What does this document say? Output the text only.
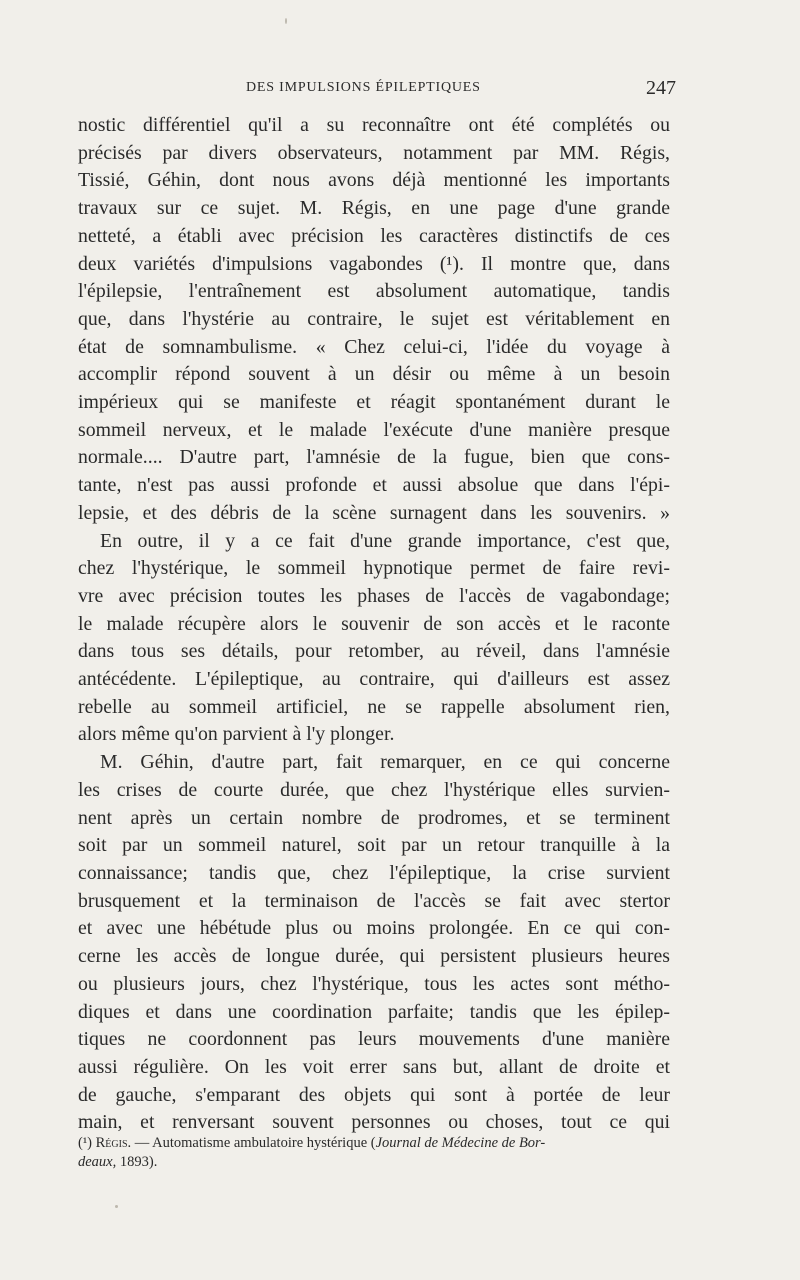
DES IMPULSIONS ÉPILEPTIQUES	247
nostic différentiel qu'il a su reconnaître ont été complétés ou
précisés par divers observateurs, notamment par MM. Régis,
Tissié, Géhin, dont nous avons déjà mentionné les importants
travaux sur ce sujet. M. Régis, en une page d'une grande
netteté, a établi avec précision les caractères distinctifs de ces
deux variétés d'impulsions vagabondes (¹). Il montre que, dans
l'épilepsie, l'entraînement est absolument automatique, tandis
que, dans l'hystérie au contraire, le sujet est véritablement en
état de somnambulisme. « Chez celui-ci, l'idée du voyage à
accomplir répond souvent à un désir ou même à un besoin
impérieux qui se manifeste et réagit spontanément durant le
sommeil nerveux, et le malade l'exécute d'une manière presque
normale.... D'autre part, l'amnésie de la fugue, bien que cons-
tante, n'est pas aussi profonde et aussi absolue que dans l'épi-
lepsie, et des débris de la scène surnagent dans les souvenirs. »
En outre, il y a ce fait d'une grande importance, c'est que,
chez l'hystérique, le sommeil hypnotique permet de faire revi-
vre avec précision toutes les phases de l'accès de vagabondage;
le malade récupère alors le souvenir de son accès et le raconte
dans tous ses détails, pour retomber, au réveil, dans l'amnésie
antécédente. L'épileptique, au contraire, qui d'ailleurs est assez
rebelle au sommeil artificiel, ne se rappelle absolument rien,
alors même qu'on parvient à l'y plonger.
M. Géhin, d'autre part, fait remarquer, en ce qui concerne
les crises de courte durée, que chez l'hystérique elles survien-
nent après un certain nombre de prodromes, et se terminent
soit par un sommeil naturel, soit par un retour tranquille à la
connaissance; tandis que, chez l'épileptique, la crise survient
brusquement et la terminaison de l'accès se fait avec stertor
et avec une hébétude plus ou moins prolongée. En ce qui con-
cerne les accès de longue durée, qui persistent plusieurs heures
ou plusieurs jours, chez l'hystérique, tous les actes sont métho-
diques et dans une coordination parfaite; tandis que les épilep-
tiques ne coordonnent pas leurs mouvements d'une manière
aussi régulière. On les voit errer sans but, allant de droite et
de gauche, s'emparant des objets qui sont à portée de leur
main, et renversant souvent personnes ou choses, tout ce qui
(¹) Régis. — Automatisme ambulatoire hystérique (Journal de Médecine de Bor-
deaux, 1893).
